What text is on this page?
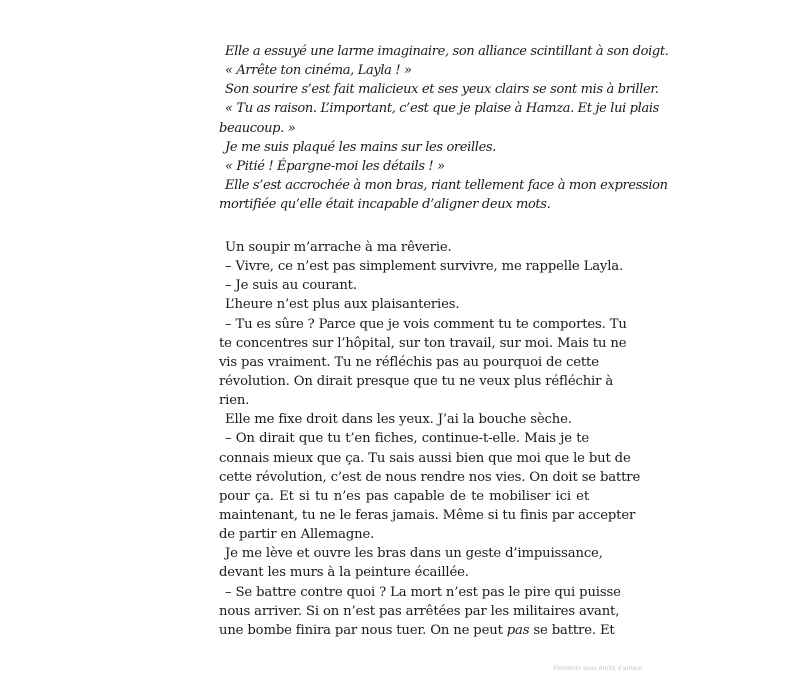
Elle a essuyé une larme imaginaire, son alliance scintillant à son doigt.
« Arrête ton cinéma, Layla ! »
Son sourire s’est fait malicieux et ses yeux clairs se sont mis à briller.
« Tu as raison. L’important, c’est que je plaise à Hamza. Et je lui plais
beaucoup. »
Je me suis plaqué les mains sur les oreilles.
« Pitié ! Épargne-moi les détails ! »
Elle s’est accrochée à mon bras, riant tellement face à mon expression
mortifiée qu’elle était incapable d’aligner deux mots.
Un soupir m’arrache à ma rêverie.
– Vivre, ce n’est pas simplement survivre, me rappelle Layla.
– Je suis au courant.
L’heure n’est plus aux plaisanteries.
– Tu es sûre ? Parce que je vois comment tu te comportes. Tu
te concentres sur l’hôpital, sur ton travail, sur moi. Mais tu ne
vis pas vraiment. Tu ne réfléchis pas au pourquoi de cette
révolution. On dirait presque que tu ne veux plus réfléchir à
rien.
Elle me fixe droit dans les yeux. J’ai la bouche sèche.
– On dirait que tu t’en fiches, continue-t-elle. Mais je te
connais mieux que ça. Tu sais aussi bien que moi que le but de
cette révolution, c’est de nous rendre nos vies. On doit se battre
pour ça. Et si tu n’es pas capable de te mobiliser ici et
maintenant, tu ne le feras jamais. Même si tu finis par accepter
de partir en Allemagne.
Je me lève et ouvre les bras dans un geste d’impuissance,
devant les murs à la peinture écaillée.
– Se battre contre quoi ? La mort n’est pas le pire qui puisse
nous arriver. Si on n’est pas arrêtées par les militaires avant,
une bombe finira par nous tuer. On ne peut pas se battre. Et
Elements sous droits d'auteur
